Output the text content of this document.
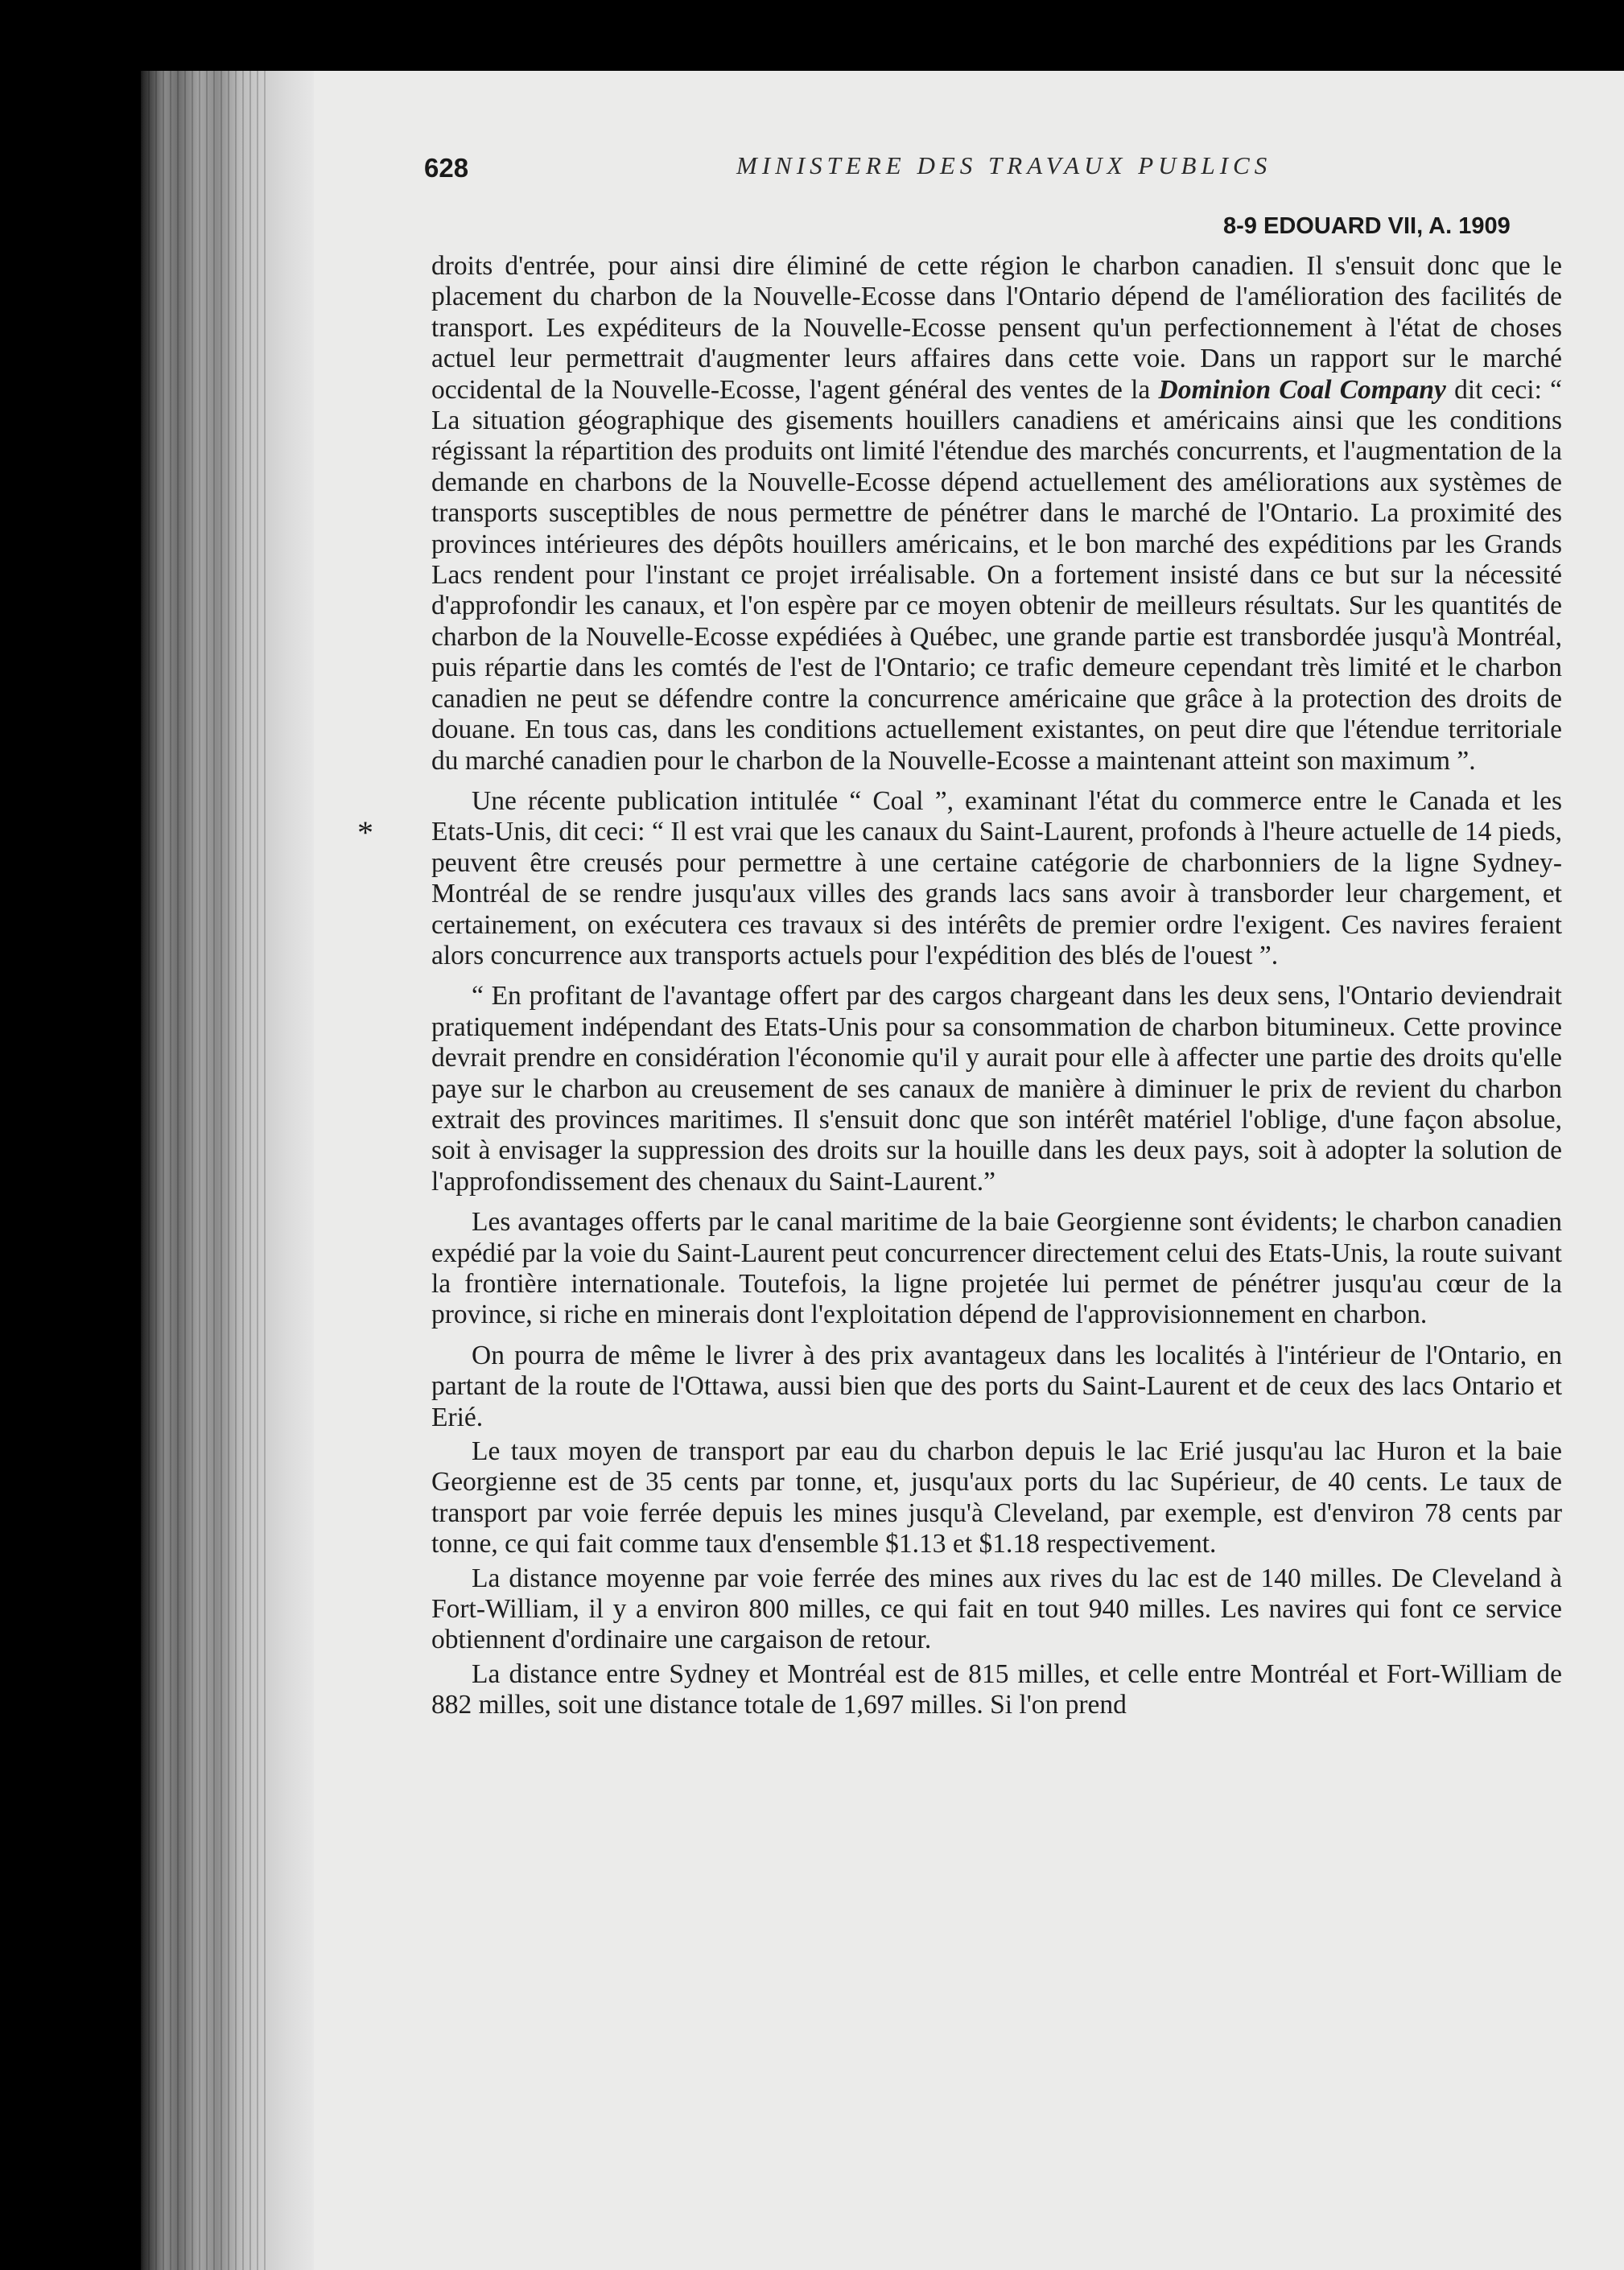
628	MINISTERE DES TRAVAUX PUBLICS
8-9 EDOUARD VII, A. 1909
*

droits d'entrée, pour ainsi dire éliminé de cette région le charbon canadien. Il s'ensuit donc que le placement du charbon de la Nouvelle-Ecosse dans l'Ontario dépend de l'amélioration des facilités de transport. Les expéditeurs de la Nouvelle-Ecosse pensent qu'un perfectionnement à l'état de choses actuel leur permettrait d'augmenter leurs affaires dans cette voie. Dans un rapport sur le marché occidental de la Nouvelle-Ecosse, l'agent général des ventes de la Dominion Coal Company dit ceci: “ La situation géographique des gisements houillers canadiens et américains ainsi que les conditions régissant la répartition des produits ont limité l'étendue des marchés concurrents, et l'augmentation de la demande en charbons de la Nouvelle-Ecosse dépend actuellement des améliorations aux systèmes de transports susceptibles de nous permettre de pénétrer dans le marché de l'Ontario. La proximité des provinces intérieures des dépôts houillers américains, et le bon marché des expéditions par les Grands Lacs rendent pour l'instant ce projet irréalisable. On a fortement insisté dans ce but sur la nécessité d'approfondir les canaux, et l'on espère par ce moyen obtenir de meilleurs résultats. Sur les quantités de charbon de la Nouvelle-Ecosse expédiées à Québec, une grande partie est transbordée jusqu'à Montréal, puis répartie dans les comtés de l'est de l'Ontario; ce trafic demeure cependant très limité et le charbon canadien ne peut se défendre contre la concurrence américaine que grâce à la protection des droits de douane. En tous cas, dans les conditions actuellement existantes, on peut dire que l'étendue territoriale du marché canadien pour le charbon de la Nouvelle-Ecosse a maintenant atteint son maximum ”.

Une récente publication intitulée “ Coal ”, examinant l'état du commerce entre le Canada et les Etats-Unis, dit ceci: “ Il est vrai que les canaux du Saint-Laurent, profonds à l'heure actuelle de 14 pieds, peuvent être creusés pour permettre à une certaine catégorie de charbonniers de la ligne Sydney-Montréal de se rendre jusqu'aux villes des grands lacs sans avoir à transborder leur chargement, et certainement, on exécutera ces travaux si des intérêts de premier ordre l'exigent. Ces navires feraient alors concurrence aux transports actuels pour l'expédition des blés de l'ouest ”.

“ En profitant de l'avantage offert par des cargos chargeant dans les deux sens, l'Ontario deviendrait pratiquement indépendant des Etats-Unis pour sa consommation de charbon bitumineux. Cette province devrait prendre en considération l'économie qu'il y aurait pour elle à affecter une partie des droits qu'elle paye sur le charbon au creusement de ses canaux de manière à diminuer le prix de revient du charbon extrait des provinces maritimes. Il s'ensuit donc que son intérêt matériel l'oblige, d'une façon absolue, soit à envisager la suppression des droits sur la houille dans les deux pays, soit à adopter la solution de l'approfondissement des chenaux du Saint-Laurent.”

Les avantages offerts par le canal maritime de la baie Georgienne sont évidents; le charbon canadien expédié par la voie du Saint-Laurent peut concurrencer directement celui des Etats-Unis, la route suivant la frontière internationale. Toutefois, la ligne projetée lui permet de pénétrer jusqu'au cœur de la province, si riche en minerais dont l'exploitation dépend de l'approvisionnement en charbon.

On pourra de même le livrer à des prix avantageux dans les localités à l'intérieur de l'Ontario, en partant de la route de l'Ottawa, aussi bien que des ports du Saint-Laurent et de ceux des lacs Ontario et Erié.

Le taux moyen de transport par eau du charbon depuis le lac Erié jusqu'au lac Huron et la baie Georgienne est de 35 cents par tonne, et, jusqu'aux ports du lac Supérieur, de 40 cents. Le taux de transport par voie ferrée depuis les mines jusqu'à Cleveland, par exemple, est d'environ 78 cents par tonne, ce qui fait comme taux d'ensemble $1.13 et $1.18 respectivement.

La distance moyenne par voie ferrée des mines aux rives du lac est de 140 milles. De Cleveland à Fort-William, il y a environ 800 milles, ce qui fait en tout 940 milles. Les navires qui font ce service obtiennent d'ordinaire une cargaison de retour.

La distance entre Sydney et Montréal est de 815 milles, et celle entre Montréal et Fort-William de 882 milles, soit une distance totale de 1,697 milles. Si l'on prend
